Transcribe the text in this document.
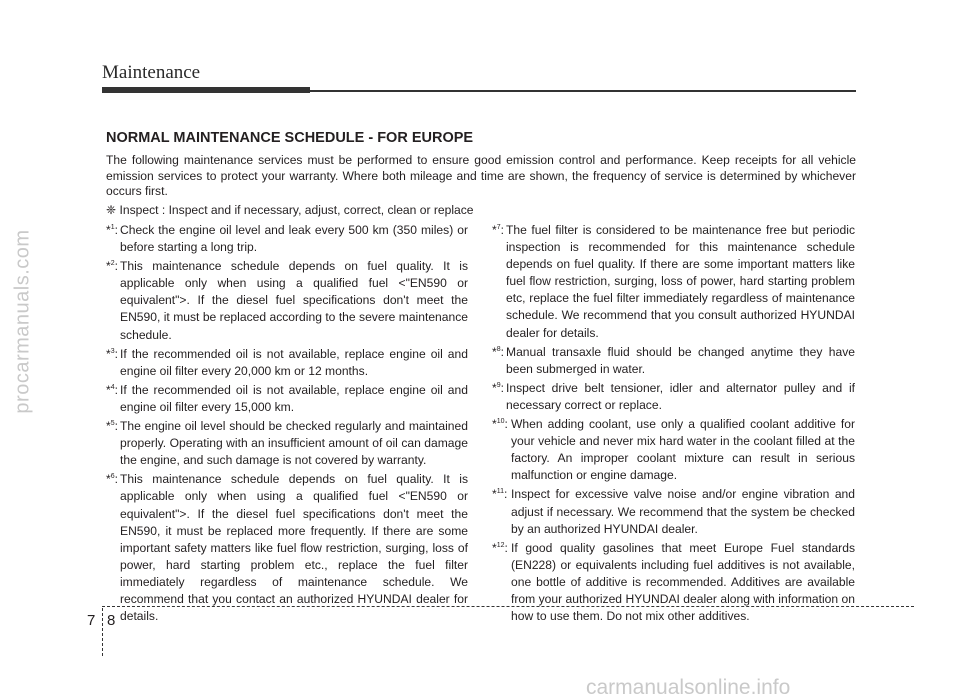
Maintenance
procarmanuals.com
NORMAL MAINTENANCE SCHEDULE - FOR EUROPE

The following maintenance services must be performed to ensure good emission control and performance. Keep receipts for all vehicle emission services to protect your warranty. Where both mileage and time are shown, the frequency of service is determined by whichever occurs first.

❈ Inspect : Inspect and if necessary, adjust, correct, clean or replace
*$^1$: Check the engine oil level and leak every 500 km (350 miles) or before starting a long trip.
*$^2$: This maintenance schedule depends on fuel quality. It is applicable only when using a qualified fuel <"EN590 or equivalent">. If the diesel fuel specifications don't meet the EN590, it must be replaced according to the severe maintenance schedule.
*$^3$: If the recommended oil is not available, replace engine oil and engine oil filter every 20,000 km or 12 months.
*$^4$: If the recommended oil is not available, replace engine oil and engine oil filter every 15,000 km.
*$^5$: The engine oil level should be checked regularly and maintained properly. Operating with an insufficient amount of oil can damage the engine, and such damage is not covered by warranty.
*$^6$: This maintenance schedule depends on fuel quality. It is applicable only when using a qualified fuel <"EN590 or equivalent">. If the diesel fuel specifications don't meet the EN590, it must be replaced more frequently. If there are some important safety matters like fuel flow restriction, surging, loss of power, hard starting problem etc., replace the fuel filter immediately regardless of maintenance schedule. We recommend that you contact an authorized HYUNDAI dealer for details.
*$^7$: The fuel filter is considered to be maintenance free but periodic inspection is recommended for this maintenance schedule depends on fuel quality. If there are some important matters like fuel flow restriction, surging, loss of power, hard starting problem etc, replace the fuel filter immediately regardless of maintenance schedule. We recommend that you consult authorized HYUNDAI dealer for details.
*$^8$: Manual transaxle fluid should be changed anytime they have been submerged in water.
*$^9$: Inspect drive belt tensioner, idler and alternator pulley and if necessary correct or replace.
*$^{10}$: When adding coolant, use only a qualified coolant additive for your vehicle and never mix hard water in the coolant filled at the factory. An improper coolant mixture can result in serious malfunction or engine damage.
*$^{11}$: Inspect for excessive valve noise and/or engine vibration and adjust if necessary. We recommend that the system be checked by an authorized HYUNDAI dealer.
*$^{12}$: If good quality gasolines that meet Europe Fuel standards (EN228) or equivalents including fuel additives is not available, one bottle of additive is recommended. Additives are available from your authorized HYUNDAI dealer along with information on how to use them. Do not mix other additives.
7 8
carmanualsonline.info
